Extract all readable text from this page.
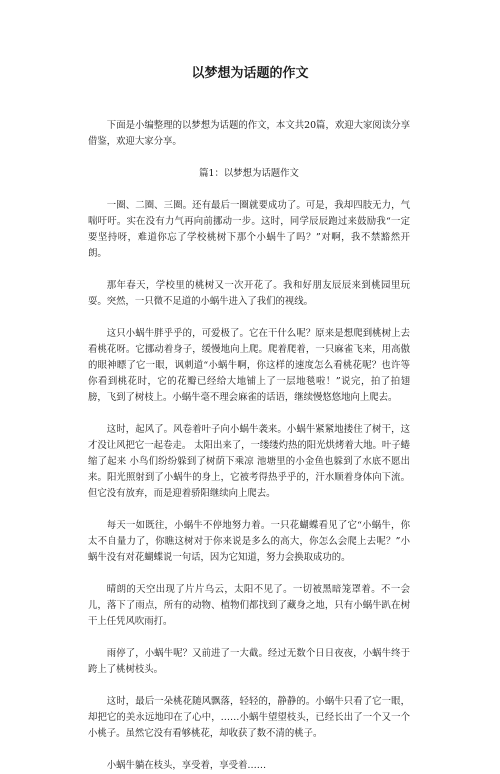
以梦想为话题的作文

下面是小编整理的以梦想为话题的作文，本文共20篇，欢迎大家阅读分享借鉴，欢迎大家分享。

篇1：以梦想为话题作文

一圈、二圈、三圈。还有最后一圈就要成功了。可是，我却四肢无力，气喘吁吁。实在没有力气再向前挪动一步。这时，同学辰辰跑过来鼓励我“一定要坚持呀，难道你忘了学校桃树下那个小蜗牛了吗？”对啊，我不禁豁然开朗。

那年春天，学校里的桃树又一次开花了。我和好朋友辰辰来到桃园里玩耍。突然，一只微不足道的小蜗牛进入了我们的视线。

这只小蜗牛胖乎乎的，可爱极了。它在干什么呢？原来是想爬到桃树上去看桃花呀。它挪动着身子，缓慢地向上爬。爬着爬着，一只麻雀飞来，用高傲的眼神瞟了它一眼，讽刺道“小蜗牛啊，你这样的速度怎么看桃花呢？也许等你看到桃花时，它的花瓣已经给大地铺上了一层地毯啦！”说完，拍了拍翅膀，飞到了树枝上。小蜗牛毫不理会麻雀的话语，继续慢悠悠地向上爬去。

这时，起风了。风卷着叶子向小蜗牛袭来。小蜗牛紧紧地搂住了树干，这才没让风把它一起卷走。 太阳出来了，一缕缕灼热的阳光烘烤着大地。叶子蜷缩了起来 小鸟们纷纷躲到了树荫下乘凉 池塘里的小金鱼也躲到了水底不愿出来。阳光照射到了小蜗牛的身上，它被考得热乎乎的，汗水顺着身体向下流。但它没有放弃，而是迎着骄阳继续向上爬去。

每天一如既往，小蜗牛不停地努力着。一只花蝴蝶看见了它“小蜗牛，你太不自量力了，你瞧这树对于你来说是多么的高大，你怎么会爬上去呢？”小蜗牛没有对花蝴蝶说一句话，因为它知道，努力会换取成功的。

晴朗的天空出现了片片乌云，太阳不见了。一切被黑暗笼罩着。不一会儿，落下了雨点，所有的动物、植物们都找到了藏身之地，只有小蜗牛趴在树干上任凭风吹雨打。

雨停了，小蜗牛呢？又前进了一大截。经过无数个日日夜夜，小蜗牛终于跨上了桃树枝头。

这时，最后一朵桃花随风飘落，轻轻的，静静的。小蜗牛只看了它一眼，却把它的美永远地印在了心中，……小蜗牛望望枝头，已经长出了一个又一个小桃子。虽然它没有看够桃花，却收获了数不清的桃子。

小蜗牛躺在枝头，享受着，享受着……
